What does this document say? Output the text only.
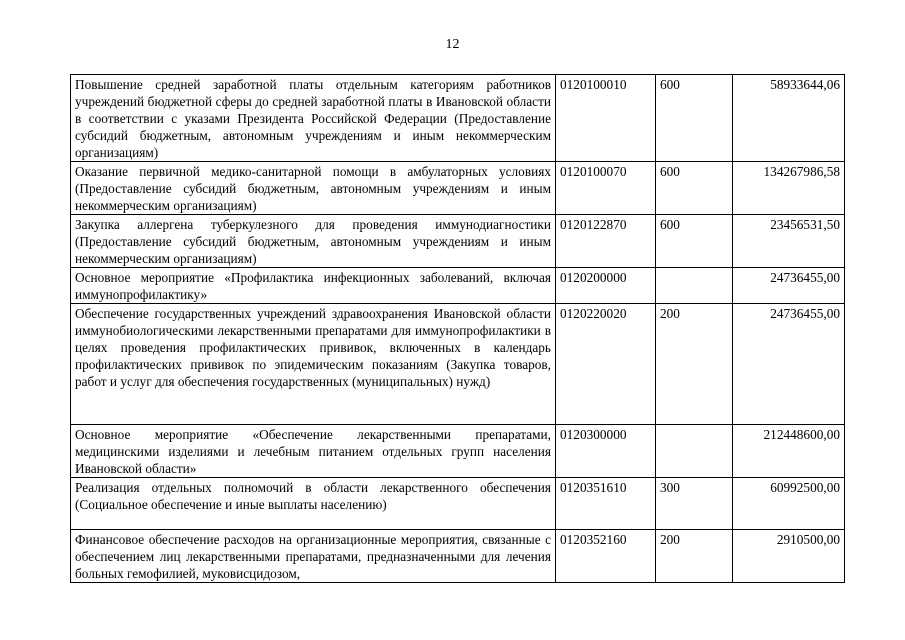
12
Повышение средней заработной платы отдельным категориям работников учреждений бюджетной сферы до средней заработной платы в Ивановской области в соответствии с указами Президента Российской Федерации (Предоставление субсидий бюджетным, автономным учреждениям и иным некоммерческим организациям)	0120100010	600	58933644,06
Оказание первичной медико-санитарной помощи в амбулаторных условиях (Предоставление субсидий бюджетным, автономным учреждениям и иным некоммерческим организациям)	0120100070	600	134267986,58
Закупка аллергена туберкулезного для проведения иммунодиагностики (Предоставление субсидий бюджетным, автономным учреждениям и иным некоммерческим организациям)	0120122870	600	23456531,50
Основное мероприятие «Профилактика инфекционных заболеваний, включая иммунопрофилактику»	0120200000		24736455,00
Обеспечение государственных учреждений здравоохранения Ивановской области иммунобиологическими лекарственными препаратами для иммунопрофилактики в целях проведения профилактических прививок, включенных в календарь профилактических прививок по эпидемическим показаниям (Закупка товаров, работ и услуг для обеспечения государственных (муниципальных) нужд)	0120220020	200	24736455,00
Основное мероприятие «Обеспечение лекарственными препаратами, медицинскими изделиями и лечебным питанием отдельных групп населения Ивановской области»	0120300000		212448600,00
Реализация отдельных полномочий в области лекарственного обеспечения (Социальное обеспечение и иные выплаты населению)	0120351610	300	60992500,00
Финансовое обеспечение расходов на организационные мероприятия, связанные с обеспечением лиц лекарственными препаратами, предназначенными для лечения больных гемофилией, муковисцидозом,	0120352160	200	2910500,00
